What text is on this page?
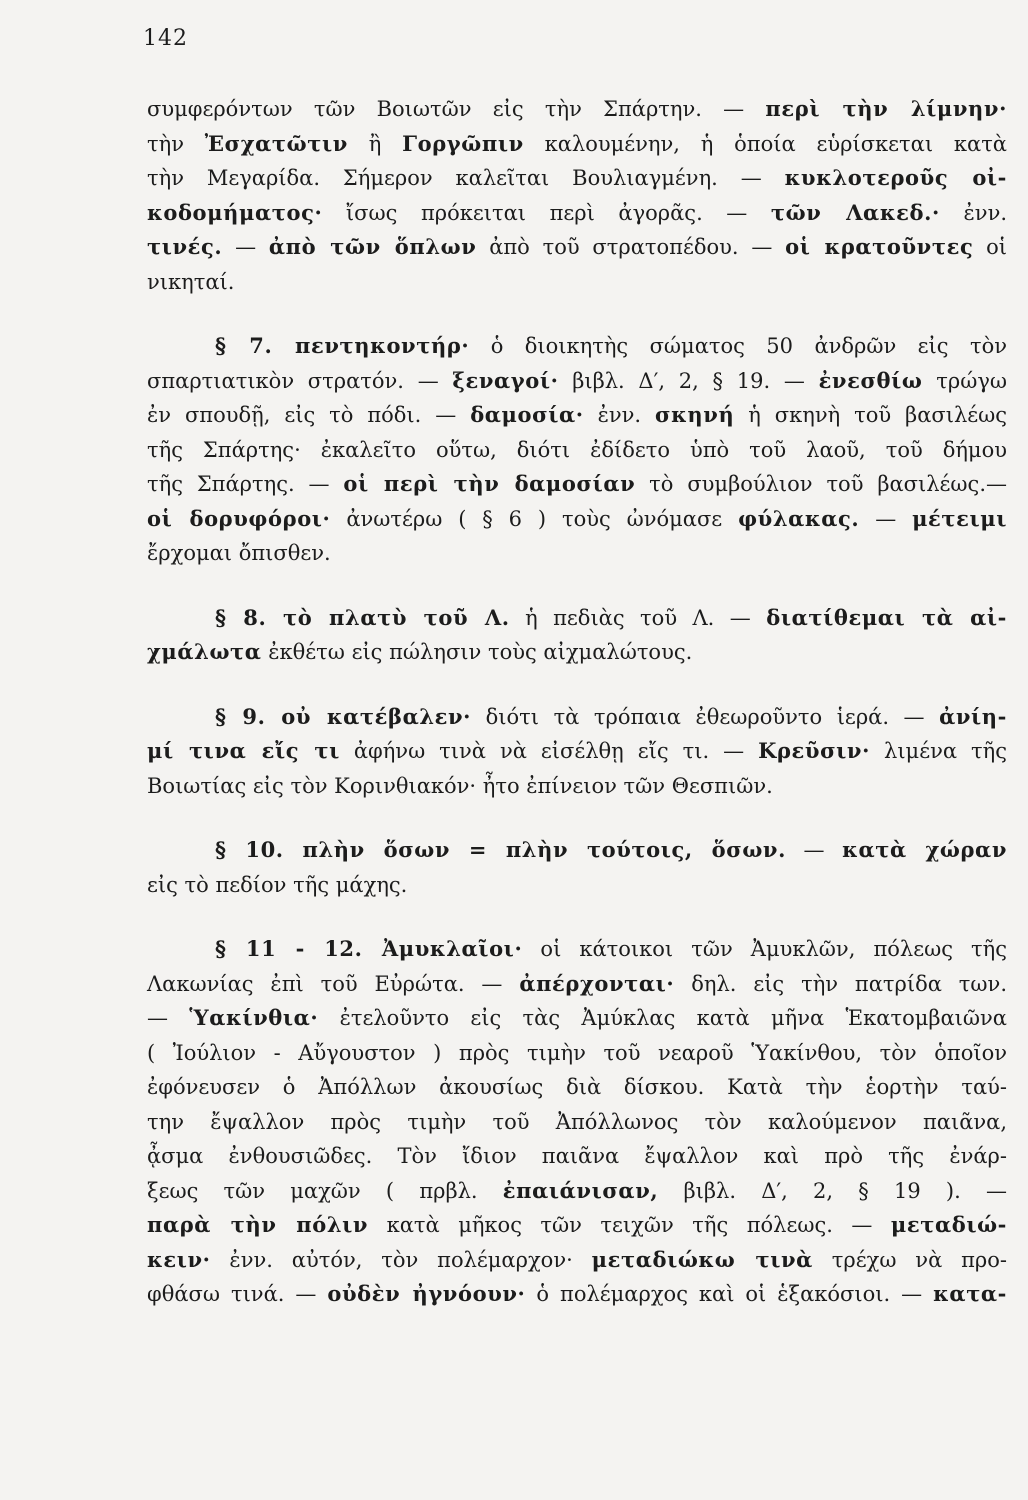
142
συμφερόντων τῶν Βοιωτῶν εἰς τὴν Σπάρτην. — περὶ τὴν λίμνην·
τὴν Ἐσχατῶτιν ἢ Γοργῶπιν καλουμένην, ἡ ὁποία εὑρίσκεται κατὰ
τὴν Μεγαρίδα. Σήμερον καλεῖται Βουλιαγμένη. — κυκλοτεροῦς οἰ-
κοδομήματος· ἴσως πρόκειται περὶ ἀγορᾶς. — τῶν Λακεδ.· ἐνν.
τινές. — ἀπὸ τῶν ὅπλων ἀπὸ τοῦ στρατοπέδου. — οἱ κρατοῦντες οἱ
νικηταί.
§ 7. πεντηκοντήρ· ὁ διοικητὴς σώματος 50 ἀνδρῶν εἰς τὸν
σπαρτιατικὸν στρατόν. — ξεναγοί· βιβλ. Δ′, 2, § 19. — ἐνεσθίω τρώγω
ἐν σπουδῇ, εἰς τὸ πόδι. — δαμοσία· ἐνν. σκηνή ἡ σκηνὴ τοῦ βασιλέως
τῆς Σπάρτης· ἐκαλεῖτο οὕτω, διότι ἐδίδετο ὑπὸ τοῦ λαοῦ, τοῦ δήμου
τῆς Σπάρτης. — οἱ περὶ τὴν δαμοσίαν τὸ συμβούλιον τοῦ βασιλέως.—
οἱ δορυφόροι· ἀνωτέρω ( § 6 ) τοὺς ὠνόμασε φύλακας. — μέτειμι
ἔρχομαι ὄπισθεν.
§ 8. τὸ πλατὺ τοῦ Λ. ἡ πεδιὰς τοῦ Λ. — διατίθεμαι τὰ αἰ-
χμάλωτα ἐκθέτω εἰς πώλησιν τοὺς αἰχμαλώτους.
§ 9. οὐ κατέβαλεν· διότι τὰ τρόπαια ἐθεωροῦντο ἱερά. — ἀνίη-
μί τινα εἴς τι ἀφήνω τινὰ νὰ εἰσέλθῃ εἴς τι. — Κρεῦσιν· λιμένα τῆς
Βοιωτίας εἰς τὸν Κορινθιακόν· ἦτο ἐπίνειον τῶν Θεσπιῶν.
§ 10. πλὴν ὅσων = πλὴν τούτοις, ὅσων. — κατὰ χώραν
εἰς τὸ πεδίον τῆς μάχης.
§ 11 - 12. Ἀμυκλαῖοι· οἱ κάτοικοι τῶν Ἀμυκλῶν, πόλεως τῆς
Λακωνίας ἐπὶ τοῦ Εὐρώτα. — ἀπέρχονται· δηλ. εἰς τὴν πατρίδα των.
— Ὑακίνθια· ἐτελοῦντο εἰς τὰς Ἀμύκλας κατὰ μῆνα Ἑκατομβαιῶνα
( Ἰούλιον - Αὔγουστον ) πρὸς τιμὴν τοῦ νεαροῦ Ὑακίνθου, τὸν ὁποῖον
ἐφόνευσεν ὁ Ἀπόλλων ἀκουσίως διὰ δίσκου. Κατὰ τὴν ἑορτὴν ταύ-
την ἔψαλλον πρὸς τιμὴν τοῦ Ἀπόλλωνος τὸν καλούμενον παιᾶνα,
ᾆσμα ἐνθουσιῶδες. Τὸν ἴδιον παιᾶνα ἔψαλλον καὶ πρὸ τῆς ἐνάρ-
ξεως τῶν μαχῶν ( πρβλ. ἐπαιάνισαν, βιβλ. Δ′, 2, § 19 ). —
παρὰ τὴν πόλιν κατὰ μῆκος τῶν τειχῶν τῆς πόλεως. — μεταδιώ-
κειν· ἐνν. αὐτόν, τὸν πολέμαρχον· μεταδιώκω τινὰ τρέχω νὰ προ-
φθάσω τινά. — οὐδὲν ἠγνόουν· ὁ πολέμαρχος καὶ οἱ ἑξακόσιοι. — κατα-
